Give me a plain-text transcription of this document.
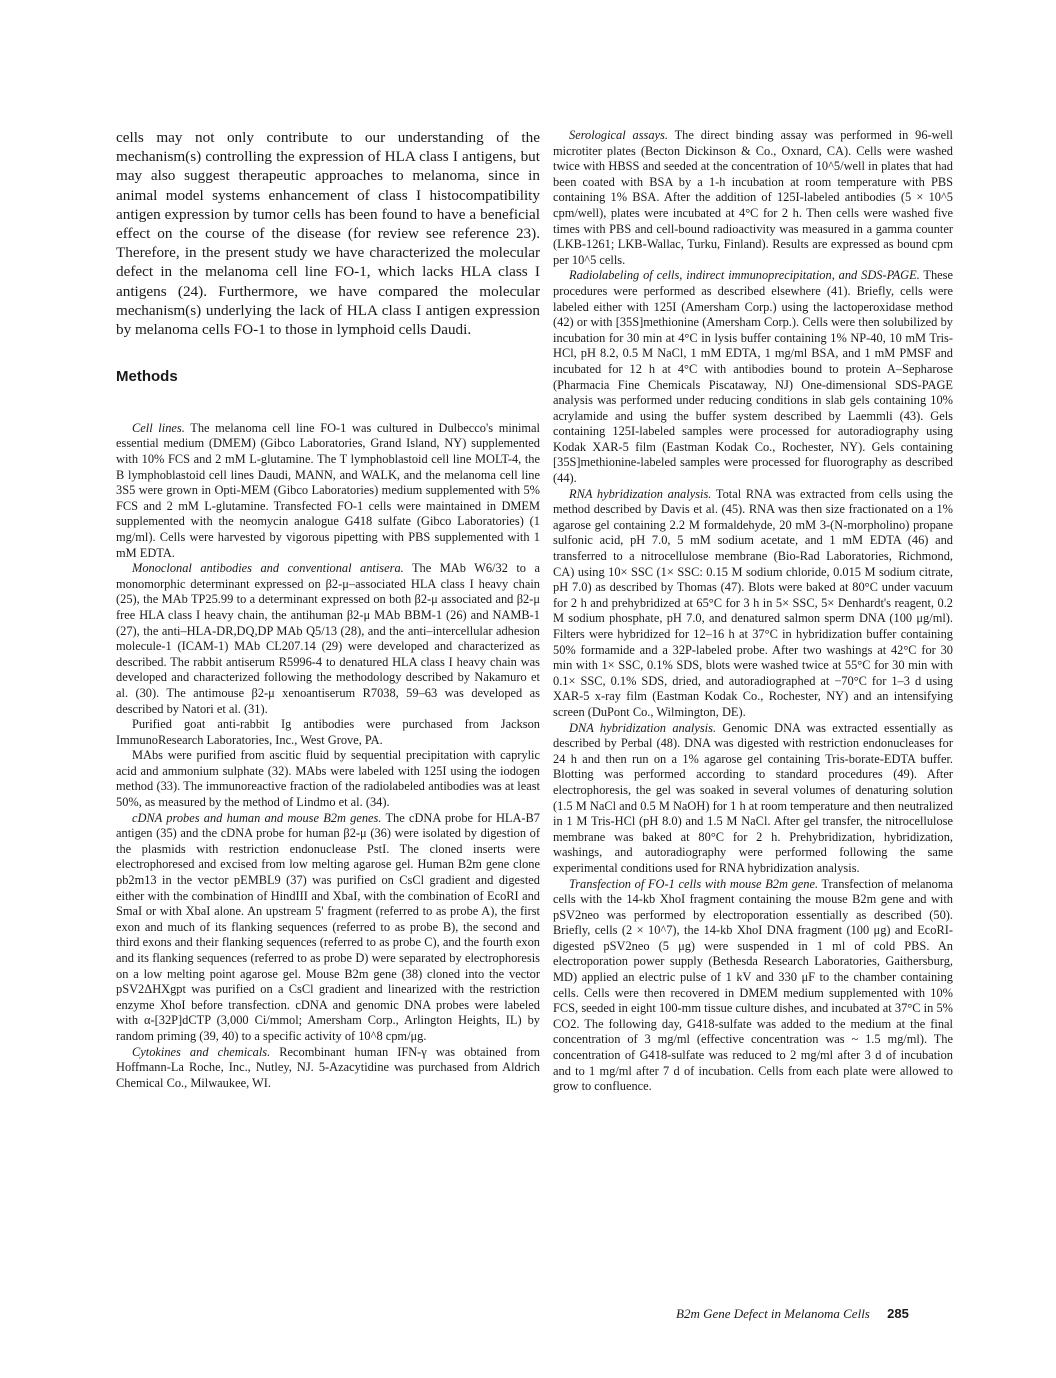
cells may not only contribute to our understanding of the mechanism(s) controlling the expression of HLA class I antigens, but may also suggest therapeutic approaches to melanoma, since in animal model systems enhancement of class I histocompatibility antigen expression by tumor cells has been found to have a beneficial effect on the course of the disease (for review see reference 23). Therefore, in the present study we have characterized the molecular defect in the melanoma cell line FO-1, which lacks HLA class I antigens (24). Furthermore, we have compared the molecular mechanism(s) underlying the lack of HLA class I antigen expression by melanoma cells FO-1 to those in lymphoid cells Daudi.

Methods

Cell lines. The melanoma cell line FO-1 was cultured in Dulbecco's minimal essential medium (DMEM) (Gibco Laboratories, Grand Island, NY) supplemented with 10% FCS and 2 mM L-glutamine. The T lymphoblastoid cell line MOLT-4, the B lymphoblastoid cell lines Daudi, MANN, and WALK, and the melanoma cell line 3S5 were grown in Opti-MEM (Gibco Laboratories) medium supplemented with 5% FCS and 2 mM L-glutamine. Transfected FO-1 cells were maintained in DMEM supplemented with the neomycin analogue G418 sulfate (Gibco Laboratories) (1 mg/ml). Cells were harvested by vigorous pipetting with PBS supplemented with 1 mM EDTA.

Monoclonal antibodies and conventional antisera. The MAb W6/32 to a monomorphic determinant expressed on β2-μ–associated HLA class I heavy chain (25), the MAb TP25.99 to a determinant expressed on both β2-μ associated and β2-μ free HLA class I heavy chain, the antihuman β2-μ MAb BBM-1 (26) and NAMB-1 (27), the anti–HLA-DR,DQ,DP MAb Q5/13 (28), and the anti–intercellular adhesion molecule-1 (ICAM-1) MAb CL207.14 (29) were developed and characterized as described. The rabbit antiserum R5996-4 to denatured HLA class I heavy chain was developed and characterized following the methodology described by Nakamuro et al. (30). The antimouse β2-μ xenoantiserum R7038, 59–63 was developed as described by Natori et al. (31).

Purified goat anti-rabbit Ig antibodies were purchased from Jackson ImmunoResearch Laboratories, Inc., West Grove, PA.

MAbs were purified from ascitic fluid by sequential precipitation with caprylic acid and ammonium sulphate (32). MAbs were labeled with 125I using the iodogen method (33). The immunoreactive fraction of the radiolabeled antibodies was at least 50%, as measured by the method of Lindmo et al. (34).

cDNA probes and human and mouse B2m genes. The cDNA probe for HLA-B7 antigen (35) and the cDNA probe for human β2-μ (36) were isolated by digestion of the plasmids with restriction endonuclease PstI. The cloned inserts were electrophoresed and excised from low melting agarose gel. Human B2m gene clone pb2m13 in the vector pEMBL9 (37) was purified on CsCl gradient and digested either with the combination of HindIII and XbaI, with the combination of EcoRI and SmaI or with XbaI alone. An upstream 5' fragment (referred to as probe A), the first exon and much of its flanking sequences (referred to as probe B), the second and third exons and their flanking sequences (referred to as probe C), and the fourth exon and its flanking sequences (referred to as probe D) were separated by electrophoresis on a low melting point agarose gel. Mouse B2m gene (38) cloned into the vector pSV2ΔHXgpt was purified on a CsCl gradient and linearized with the restriction enzyme XhoI before transfection. cDNA and genomic DNA probes were labeled with α-[32P]dCTP (3,000 Ci/mmol; Amersham Corp., Arlington Heights, IL) by random priming (39, 40) to a specific activity of 10^8 cpm/μg.

Cytokines and chemicals. Recombinant human IFN-γ was obtained from Hoffmann-La Roche, Inc., Nutley, NJ. 5-Azacytidine was purchased from Aldrich Chemical Co., Milwaukee, WI.

Serological assays. The direct binding assay was performed in 96-well microtiter plates (Becton Dickinson & Co., Oxnard, CA). Cells were washed twice with HBSS and seeded at the concentration of 10^5/well in plates that had been coated with BSA by a 1-h incubation at room temperature with PBS containing 1% BSA. After the addition of 125I-labeled antibodies (5 × 10^5 cpm/well), plates were incubated at 4°C for 2 h. Then cells were washed five times with PBS and cell-bound radioactivity was measured in a gamma counter (LKB-1261; LKB-Wallac, Turku, Finland). Results are expressed as bound cpm per 10^5 cells.

Radiolabeling of cells, indirect immunoprecipitation, and SDS-PAGE. These procedures were performed as described elsewhere (41). Briefly, cells were labeled either with 125I (Amersham Corp.) using the lactoperoxidase method (42) or with [35S]methionine (Amersham Corp.). Cells were then solubilized by incubation for 30 min at 4°C in lysis buffer containing 1% NP-40, 10 mM Tris-HCl, pH 8.2, 0.5 M NaCl, 1 mM EDTA, 1 mg/ml BSA, and 1 mM PMSF and incubated for 12 h at 4°C with antibodies bound to protein A–Sepharose (Pharmacia Fine Chemicals Piscataway, NJ) One-dimensional SDS-PAGE analysis was performed under reducing conditions in slab gels containing 10% acrylamide and using the buffer system described by Laemmli (43). Gels containing 125I-labeled samples were processed for autoradiography using Kodak XAR-5 film (Eastman Kodak Co., Rochester, NY). Gels containing [35S]methionine-labeled samples were processed for fluorography as described (44).

RNA hybridization analysis. Total RNA was extracted from cells using the method described by Davis et al. (45). RNA was then size fractionated on a 1% agarose gel containing 2.2 M formaldehyde, 20 mM 3-(N-morpholino) propane sulfonic acid, pH 7.0, 5 mM sodium acetate, and 1 mM EDTA (46) and transferred to a nitrocellulose membrane (Bio-Rad Laboratories, Richmond, CA) using 10× SSC (1× SSC: 0.15 M sodium chloride, 0.015 M sodium citrate, pH 7.0) as described by Thomas (47). Blots were baked at 80°C under vacuum for 2 h and prehybridized at 65°C for 3 h in 5× SSC, 5× Denhardt's reagent, 0.2 M sodium phosphate, pH 7.0, and denatured salmon sperm DNA (100 μg/ml). Filters were hybridized for 12–16 h at 37°C in hybridization buffer containing 50% formamide and a 32P-labeled probe. After two washings at 42°C for 30 min with 1× SSC, 0.1% SDS, blots were washed twice at 55°C for 30 min with 0.1× SSC, 0.1% SDS, dried, and autoradiographed at −70°C for 1–3 d using XAR-5 x-ray film (Eastman Kodak Co., Rochester, NY) and an intensifying screen (DuPont Co., Wilmington, DE).

DNA hybridization analysis. Genomic DNA was extracted essentially as described by Perbal (48). DNA was digested with restriction endonucleases for 24 h and then run on a 1% agarose gel containing Tris-borate-EDTA buffer. Blotting was performed according to standard procedures (49). After electrophoresis, the gel was soaked in several volumes of denaturing solution (1.5 M NaCl and 0.5 M NaOH) for 1 h at room temperature and then neutralized in 1 M Tris-HCl (pH 8.0) and 1.5 M NaCl. After gel transfer, the nitrocellulose membrane was baked at 80°C for 2 h. Prehybridization, hybridization, washings, and autoradiography were performed following the same experimental conditions used for RNA hybridization analysis.

Transfection of FO-1 cells with mouse B2m gene. Transfection of melanoma cells with the 14-kb XhoI fragment containing the mouse B2m gene and with pSV2neo was performed by electroporation essentially as described (50). Briefly, cells (2 × 10^7), the 14-kb XhoI DNA fragment (100 μg) and EcoRI-digested pSV2neo (5 μg) were suspended in 1 ml of cold PBS. An electroporation power supply (Bethesda Research Laboratories, Gaithersburg, MD) applied an electric pulse of 1 kV and 330 μF to the chamber containing cells. Cells were then recovered in DMEM medium supplemented with 10% FCS, seeded in eight 100-mm tissue culture dishes, and incubated at 37°C in 5% CO2. The following day, G418-sulfate was added to the medium at the final concentration of 3 mg/ml (effective concentration was ~ 1.5 mg/ml). The concentration of G418-sulfate was reduced to 2 mg/ml after 3 d of incubation and to 1 mg/ml after 7 d of incubation. Cells from each plate were allowed to grow to confluence.

B2m Gene Defect in Melanoma Cells 285
